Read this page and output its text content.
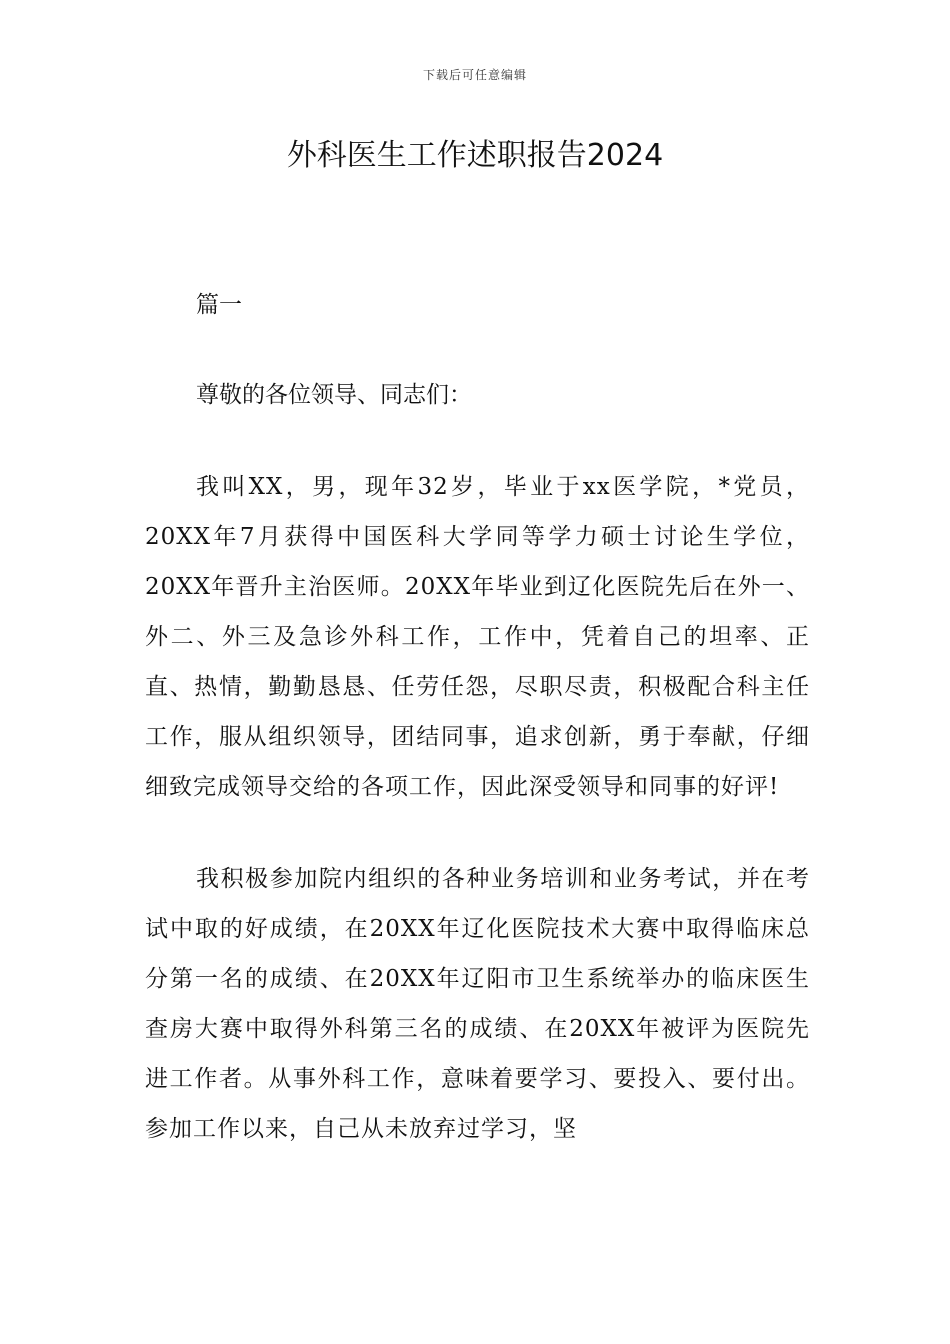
下载后可任意编辑
外科医生工作述职报告2024

篇一

尊敬的各位领导、同志们：

我叫XX，男，现年32岁，毕业于xx医学院，*党员，20XX年7月获得中国医科大学同等学力硕士讨论生学位，20XX年晋升主治医师。20XX年毕业到辽化医院先后在外一、外二、外三及急诊外科工作，工作中，凭着自己的坦率、正直、热情，勤勤恳恳、任劳任怨，尽职尽责，积极配合科主任工作，服从组织领导，团结同事，追求创新，勇于奉献，仔细细致完成领导交给的各项工作，因此深受领导和同事的好评!

我积极参加院内组织的各种业务培训和业务考试，并在考试中取的好成绩，在20XX年辽化医院技术大赛中取得临床总分第一名的成绩、在20XX年辽阳市卫生系统举办的临床医生查房大赛中取得外科第三名的成绩、在20XX年被评为医院先进工作者。从事外科工作，意味着要学习、要投入、要付出。参加工作以来，自己从未放弃过学习，坚
